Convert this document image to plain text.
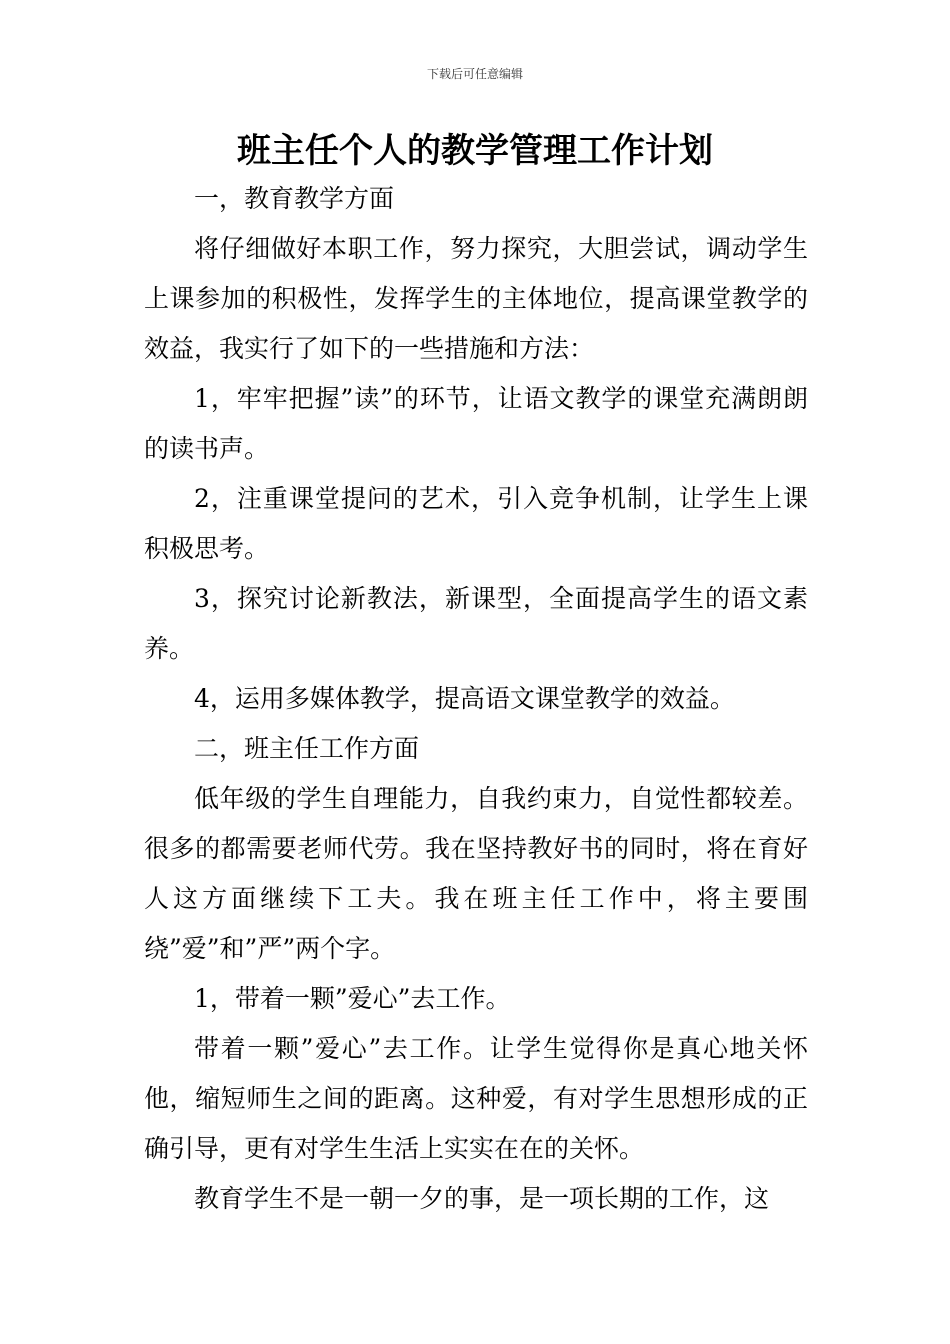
下载后可任意编辑
班主任个人的教学管理工作计划

一，教育教学方面

将仔细做好本职工作，努力探究，大胆尝试，调动学生上课参加的积极性，发挥学生的主体地位，提高课堂教学的效益，我实行了如下的一些措施和方法：

1，牢牢把握”读”的环节，让语文教学的课堂充满朗朗的读书声。

2，注重课堂提问的艺术，引入竞争机制，让学生上课积极思考。

3，探究讨论新教法，新课型，全面提高学生的语文素养。

4，运用多媒体教学，提高语文课堂教学的效益。

二，班主任工作方面

低年级的学生自理能力，自我约束力，自觉性都较差。很多的都需要老师代劳。我在坚持教好书的同时，将在育好人这方面继续下工夫。我在班主任工作中，将主要围绕”爱”和”严”两个字。

1，带着一颗”爱心”去工作。

带着一颗”爱心”去工作。让学生觉得你是真心地关怀他，缩短师生之间的距离。这种爱，有对学生思想形成的正确引导，更有对学生生活上实实在在的关怀。

教育学生不是一朝一夕的事，是一项长期的工作，这
